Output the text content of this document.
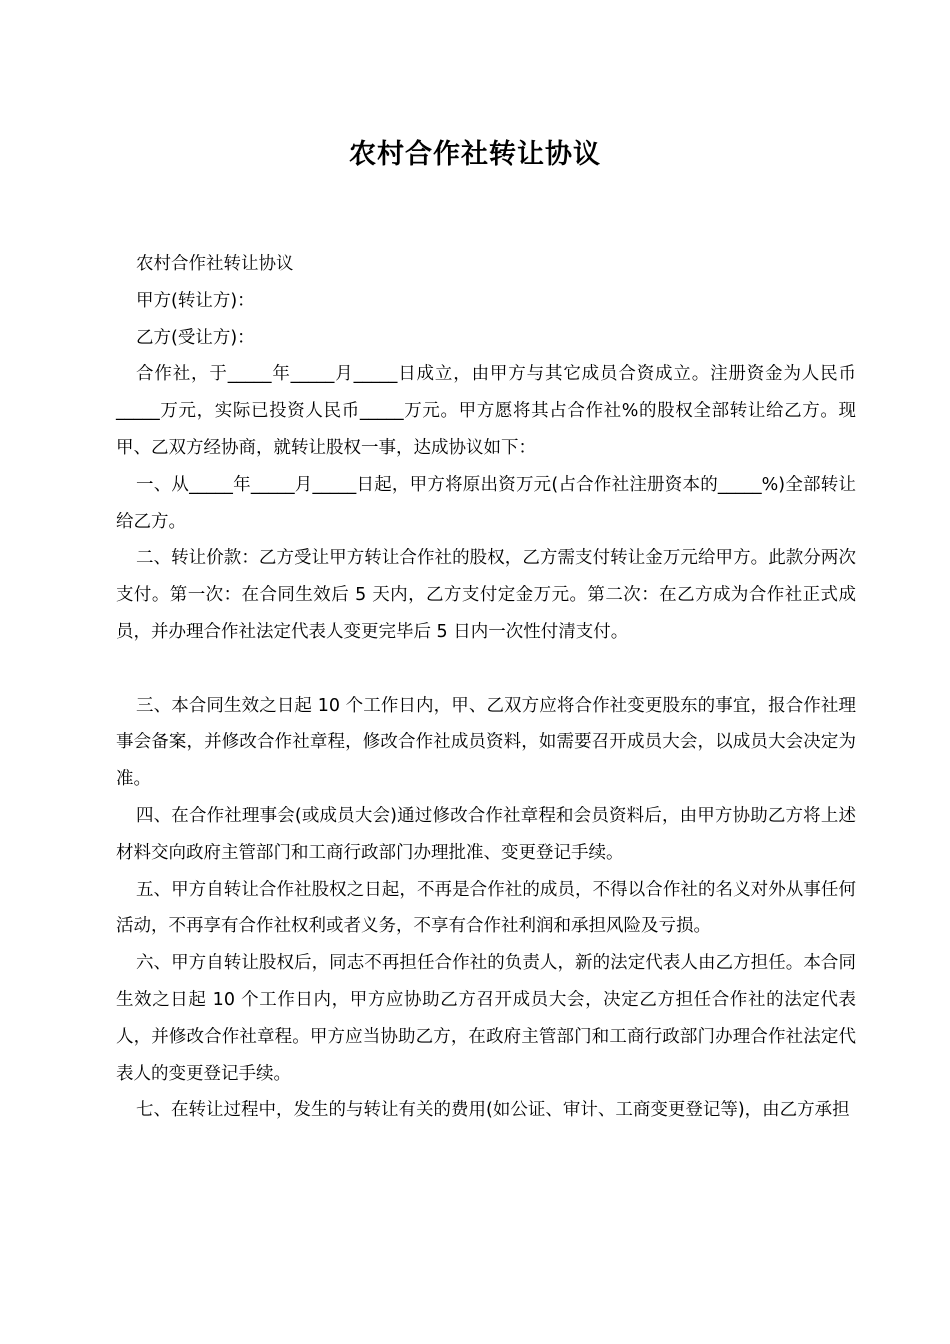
农村合作社转让协议

农村合作社转让协议

甲方(转让方)：

乙方(受让方)：

合作社，于_____年_____月_____日成立，由甲方与其它成员合资成立。注册资金为人民币_____万元，实际已投资人民币_____万元。甲方愿将其占合作社%的股权全部转让给乙方。现甲、乙双方经协商，就转让股权一事，达成协议如下：

一、从_____年_____月_____日起，甲方将原出资万元(占合作社注册资本的_____%)全部转让给乙方。

二、转让价款：乙方受让甲方转让合作社的股权，乙方需支付转让金万元给甲方。此款分两次支付。第一次：在合同生效后 5 天内，乙方支付定金万元。第二次：在乙方成为合作社正式成员，并办理合作社法定代表人变更完毕后 5 日内一次性付清支付。

三、本合同生效之日起 10 个工作日内，甲、乙双方应将合作社变更股东的事宜，报合作社理事会备案，并修改合作社章程，修改合作社成员资料，如需要召开成员大会，以成员大会决定为准。

四、在合作社理事会(或成员大会)通过修改合作社章程和会员资料后，由甲方协助乙方将上述材料交向政府主管部门和工商行政部门办理批准、变更登记手续。

五、甲方自转让合作社股权之日起，不再是合作社的成员，不得以合作社的名义对外从事任何活动，不再享有合作社权利或者义务，不享有合作社利润和承担风险及亏损。

六、甲方自转让股权后，同志不再担任合作社的负责人，新的法定代表人由乙方担任。本合同生效之日起 10 个工作日内，甲方应协助乙方召开成员大会，决定乙方担任合作社的法定代表人，并修改合作社章程。甲方应当协助乙方，在政府主管部门和工商行政部门办理合作社法定代表人的变更登记手续。

七、在转让过程中，发生的与转让有关的费用(如公证、审计、工商变更登记等)，由乙方承担
